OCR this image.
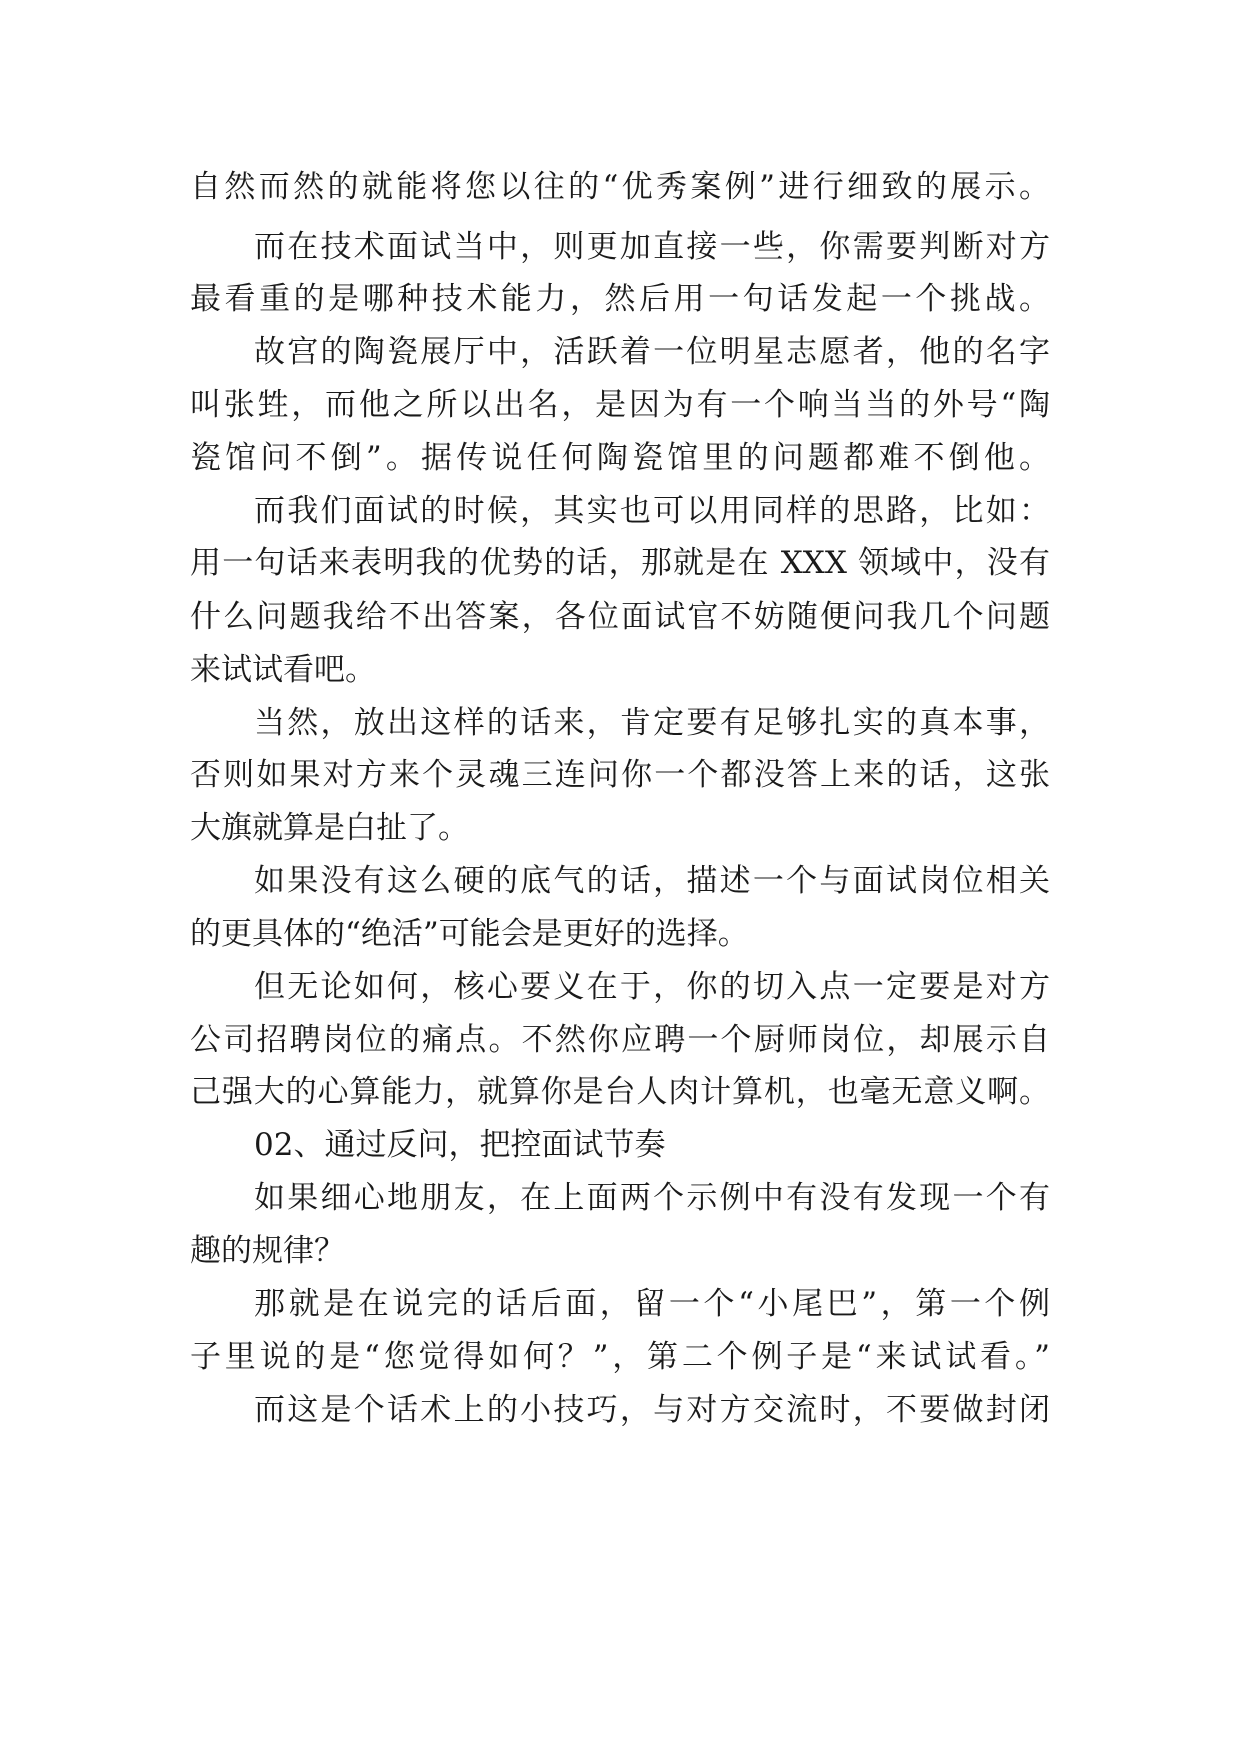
自然而然的就能将您以往的“优秀案例”进行细致的展示。
而在技术面试当中，则更加直接一些，你需要判断对方
最看重的是哪种技术能力，然后用一句话发起一个挑战。
故宫的陶瓷展厅中，活跃着一位明星志愿者，他的名字
叫张甡，而他之所以出名，是因为有一个响当当的外号“陶
瓷馆问不倒”。据传说任何陶瓷馆里的问题都难不倒他。
而我们面试的时候，其实也可以用同样的思路，比如：
用一句话来表明我的优势的话，那就是在 XXX 领域中，没有
什么问题我给不出答案，各位面试官不妨随便问我几个问题
来试试看吧。
当然，放出这样的话来，肯定要有足够扎实的真本事，
否则如果对方来个灵魂三连问你一个都没答上来的话，这张
大旗就算是白扯了。
如果没有这么硬的底气的话，描述一个与面试岗位相关
的更具体的“绝活”可能会是更好的选择。
但无论如何，核心要义在于，你的切入点一定要是对方
公司招聘岗位的痛点。不然你应聘一个厨师岗位，却展示自
己强大的心算能力，就算你是台人肉计算机，也毫无意义啊。
02、通过反问，把控面试节奏
如果细心地朋友，在上面两个示例中有没有发现一个有
趣的规律？
那就是在说完的话后面，留一个“小尾巴”，第一个例
子里说的是“您觉得如何？”，第二个例子是“来试试看。”
而这是个话术上的小技巧，与对方交流时，不要做封闭
